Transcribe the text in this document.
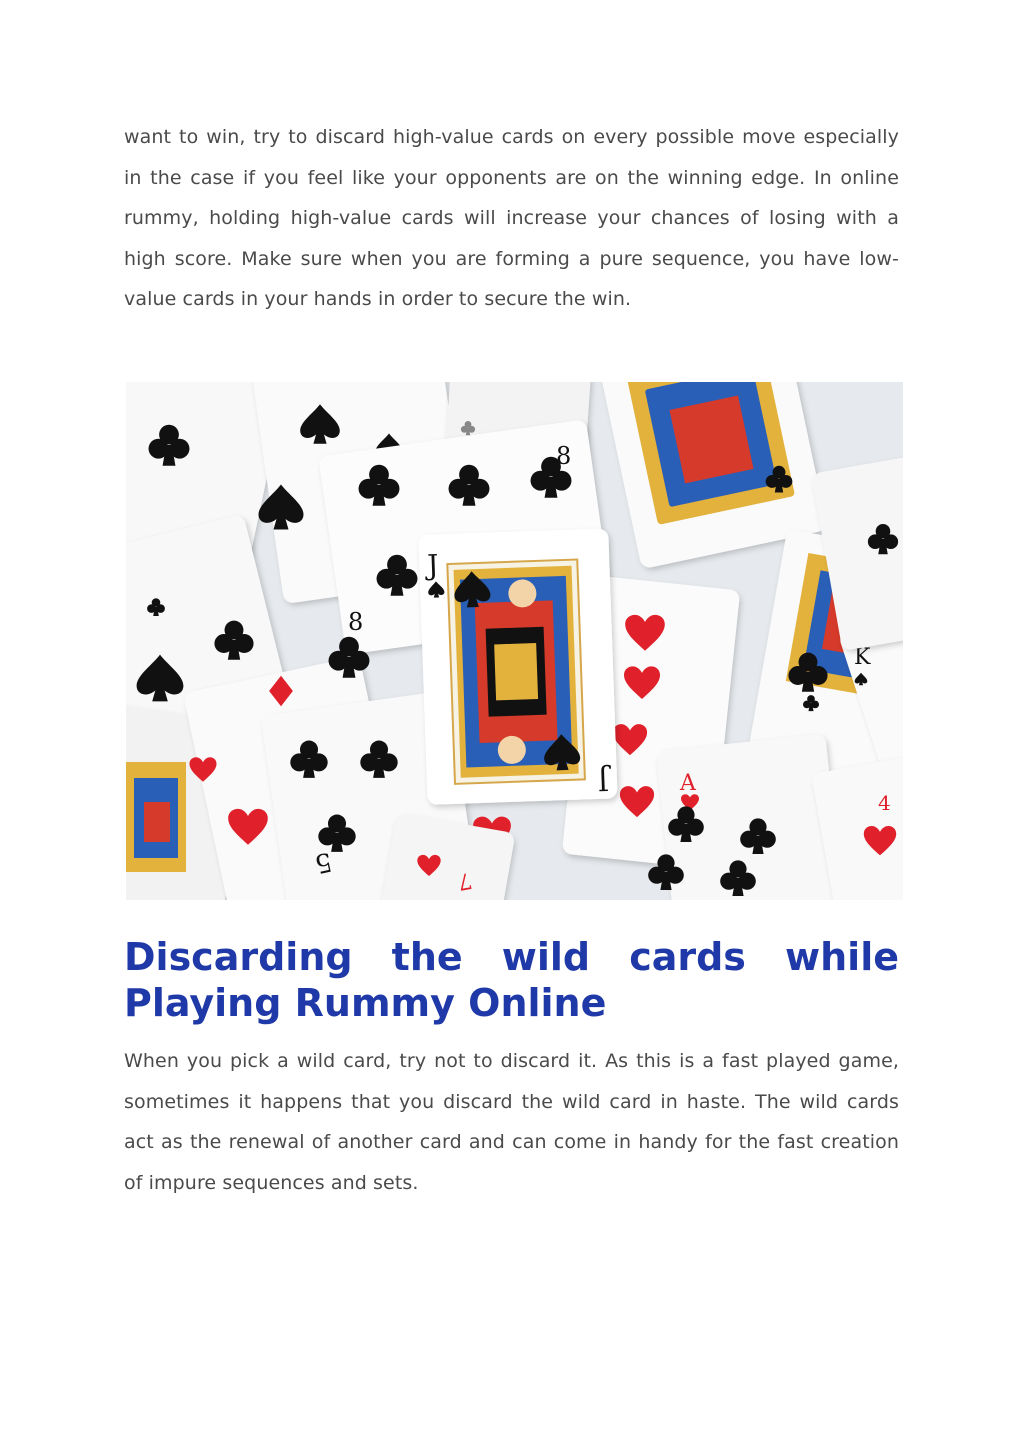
want to win, try to discard high-value cards on every possible move especially in the case if you feel like your opponents are on the winning edge. In online rummy, holding high-value cards will increase your chances of losing with a high score. Make sure when you are forming a pure sequence, you have low-value cards in your hands in order to secure the win.

K
5
8
8
A
4
7
J
J
Discarding the wild cards while Playing Rummy Online

When you pick a wild card, try not to discard it. As this is a fast played game, sometimes it happens that you discard the wild card in haste. The wild cards act as the renewal of another card and can come in handy for the fast creation of impure sequences and sets.
